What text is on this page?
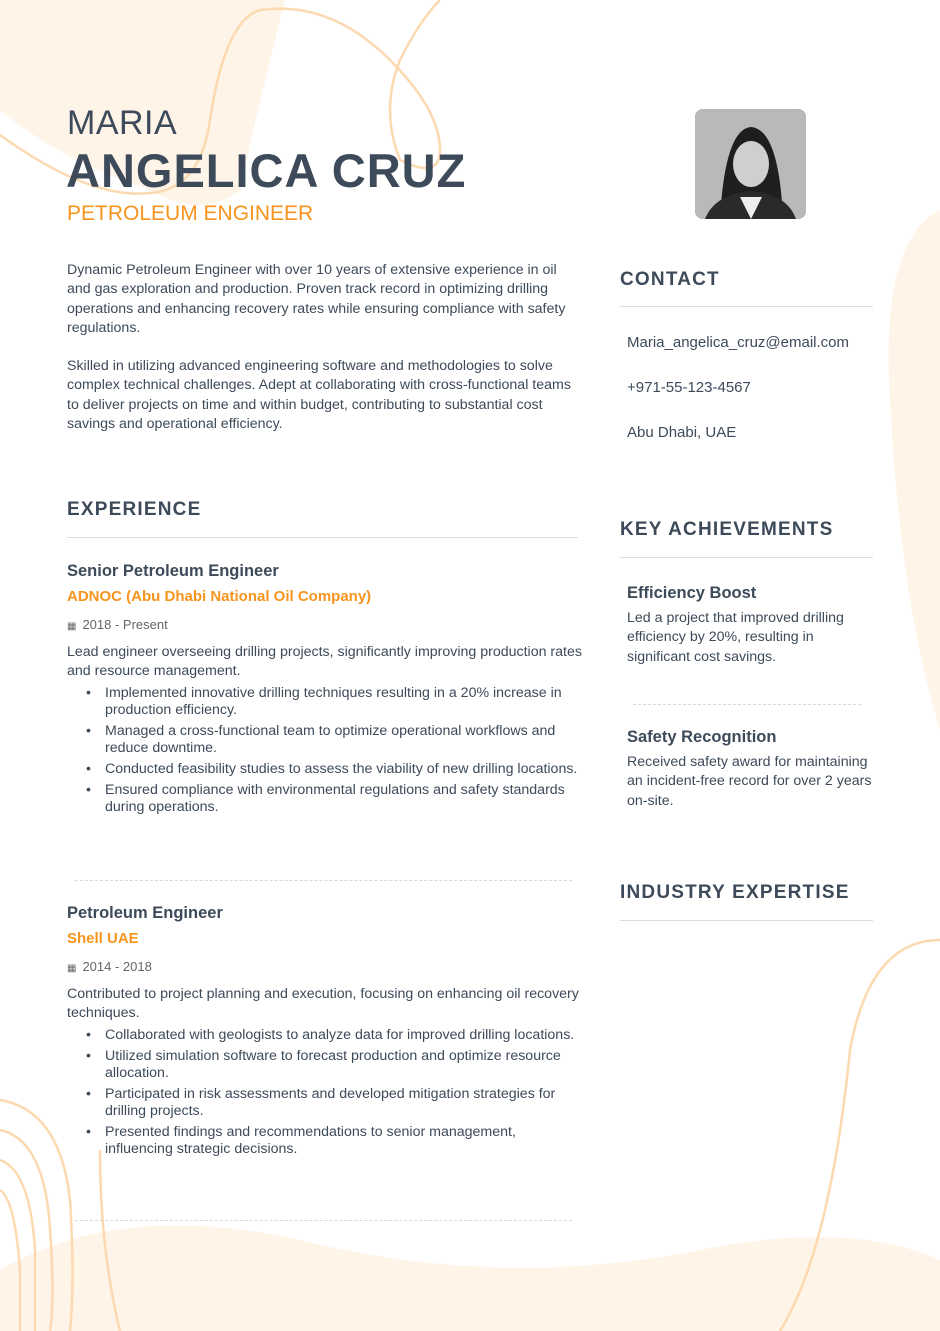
MARIA
ANGELICA CRUZ
PETROLEUM ENGINEER

Dynamic Petroleum Engineer with over 10 years of extensive experience in oil and gas exploration and production. Proven track record in optimizing drilling operations and enhancing recovery rates while ensuring compliance with safety regulations.

Skilled in utilizing advanced engineering software and methodologies to solve complex technical challenges. Adept at collaborating with cross-functional teams to deliver projects on time and within budget, contributing to substantial cost savings and operational efficiency.

EXPERIENCE
Senior Petroleum Engineer
ADNOC (Abu Dhabi National Oil Company)
▦ 2018 - Present
Lead engineer overseeing drilling projects, significantly improving production rates and resource management.
• Implemented innovative drilling techniques resulting in a 20% increase in production efficiency.
• Managed a cross-functional team to optimize operational workflows and reduce downtime.
• Conducted feasibility studies to assess the viability of new drilling locations.
• Ensured compliance with environmental regulations and safety standards during operations.
Petroleum Engineer
Shell UAE
▦ 2014 - 2018
Contributed to project planning and execution, focusing on enhancing oil recovery techniques.
• Collaborated with geologists to analyze data for improved drilling locations.
• Utilized simulation software to forecast production and optimize resource allocation.
• Participated in risk assessments and developed mitigation strategies for drilling projects.
• Presented findings and recommendations to senior management, influencing strategic decisions.
CONTACT
Maria_angelica_cruz@email.com
+971-55-123-4567
Abu Dhabi, UAE
KEY ACHIEVEMENTS
Efficiency Boost
Led a project that improved drilling efficiency by 20%, resulting in significant cost savings.
Safety Recognition
Received safety award for maintaining an incident-free record for over 2 years on-site.
INDUSTRY EXPERTISE
